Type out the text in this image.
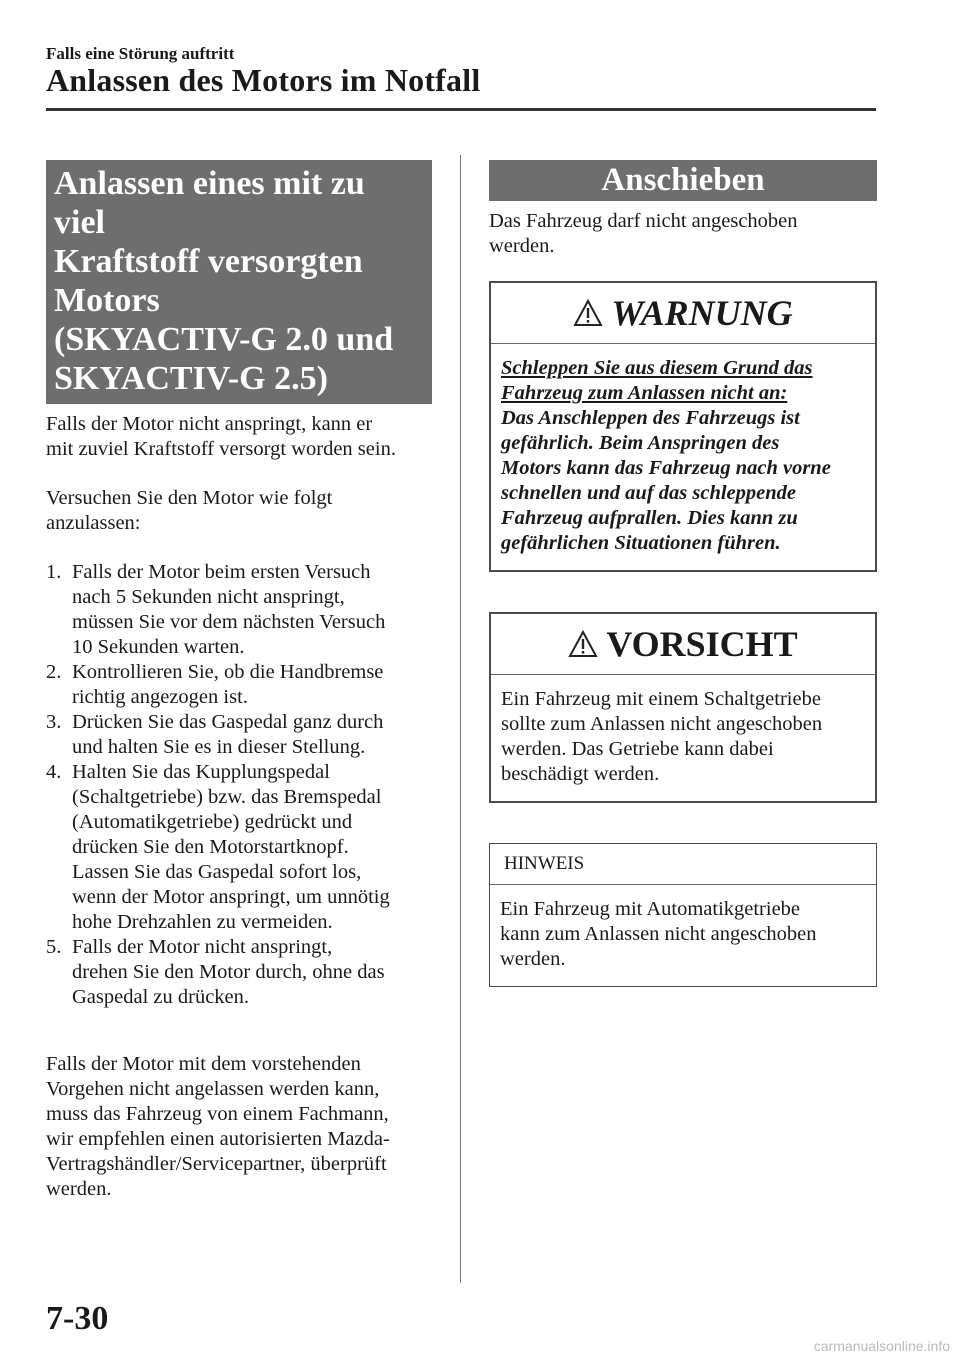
Falls eine Störung auftritt
Anlassen des Motors im Notfall
Anlassen eines mit zu viel
Kraftstoff versorgten
Motors
(SKYACTIV-G 2.0 und
SKYACTIV-G 2.5)

Falls der Motor nicht anspringt, kann er
mit zuviel Kraftstoff versorgt worden sein.

Versuchen Sie den Motor wie folgt
anzulassen:

1. Falls der Motor beim ersten Versuch
nach 5 Sekunden nicht anspringt,
müssen Sie vor dem nächsten Versuch
10 Sekunden warten.
2. Kontrollieren Sie, ob die Handbremse
richtig angezogen ist.
3. Drücken Sie das Gaspedal ganz durch
und halten Sie es in dieser Stellung.
4. Halten Sie das Kupplungspedal
(Schaltgetriebe) bzw. das Bremspedal
(Automatikgetriebe) gedrückt und
drücken Sie den Motorstartknopf.
Lassen Sie das Gaspedal sofort los,
wenn der Motor anspringt, um unnötig
hohe Drehzahlen zu vermeiden.
5. Falls der Motor nicht anspringt,
drehen Sie den Motor durch, ohne das
Gaspedal zu drücken.

Falls der Motor mit dem vorstehenden
Vorgehen nicht angelassen werden kann,
muss das Fahrzeug von einem Fachmann,
wir empfehlen einen autorisierten Mazda-
Vertragshändler/Servicepartner, überprüft
werden.

Anschieben

Das Fahrzeug darf nicht angeschoben
werden.

WARNUNG
Schleppen Sie aus diesem Grund das
Fahrzeug zum Anlassen nicht an:
Das Anschleppen des Fahrzeugs ist
gefährlich. Beim Anspringen des
Motors kann das Fahrzeug nach vorne
schnellen und auf das schleppende
Fahrzeug aufprallen. Dies kann zu
gefährlichen Situationen führen.
VORSICHT
Ein Fahrzeug mit einem Schaltgetriebe
sollte zum Anlassen nicht angeschoben
werden. Das Getriebe kann dabei
beschädigt werden.
HINWEIS
Ein Fahrzeug mit Automatikgetriebe
kann zum Anlassen nicht angeschoben
werden.
7-30
carmanualsonline.info
